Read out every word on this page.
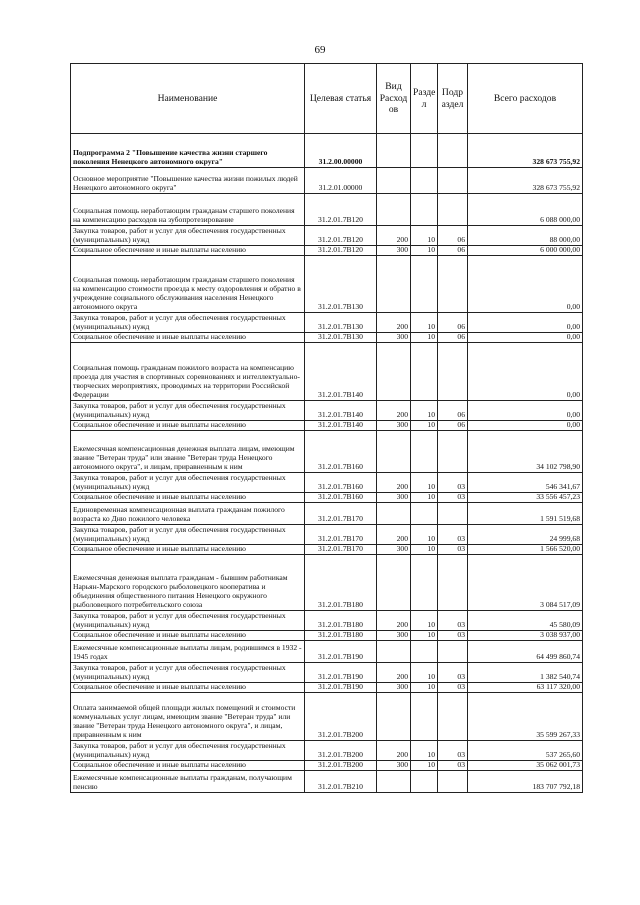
69
Наименование	Целевая статья	Вид Расход ов	Разде л	Подр аздел	Всего расходов
Подпрограмма 2 "Повышение качества жизни старшего поколения Ненецкого автономного округа"	31.2.00.00000				328 673 755,92
Основное мероприятие "Повышение качества жизни пожилых людей Ненецкого автономного округа"	31.2.01.00000				328 673 755,92
Социальная помощь неработающим гражданам старшего поколения на компенсацию расходов на зубопротезирование	31.2.01.7В120				6 088 000,00
Закупка товаров, работ и услуг для обеспечения государственных (муниципальных) нужд	31.2.01.7В120	200	10	06	88 000,00
Социальное обеспечение и иные выплаты населению	31.2.01.7В120	300	10	06	6 000 000,00
Социальная помощь неработающим гражданам старшего поколения на компенсацию стоимости проезда к месту оздоровления и обратно в учреждение социального обслуживания населения Ненецкого автономного округа	31.2.01.7В130				0,00
Закупка товаров, работ и услуг для обеспечения государственных (муниципальных) нужд	31.2.01.7В130	200	10	06	0,00
Социальное обеспечение и иные выплаты населению	31.2.01.7В130	300	10	06	0,00
Социальная помощь гражданам пожилого возраста на компенсацию проезда для участия в спортивных соревнованиях и интеллектуально-творческих мероприятиях, проводимых на территории Российской Федерации	31.2.01.7В140				0,00
Закупка товаров, работ и услуг для обеспечения государственных (муниципальных) нужд	31.2.01.7В140	200	10	06	0,00
Социальное обеспечение и иные выплаты населению	31.2.01.7В140	300	10	06	0,00
Ежемесячная компенсационная денежная выплата лицам, имеющим звание "Ветеран труда" или звание "Ветеран труда Ненецкого автономного округа", и лицам, приравненным к ним	31.2.01.7В160				34 102 798,90
Закупка товаров, работ и услуг для обеспечения государственных (муниципальных) нужд	31.2.01.7В160	200	10	03	546 341,67
Социальное обеспечение и иные выплаты населению	31.2.01.7В160	300	10	03	33 556 457,23
Единовременная компенсационная выплата гражданам пожилого возраста ко Дню пожилого человека	31.2.01.7В170				1 591 519,68
Закупка товаров, работ и услуг для обеспечения государственных (муниципальных) нужд	31.2.01.7В170	200	10	03	24 999,68
Социальное обеспечение и иные выплаты населению	31.2.01.7В170	300	10	03	1 566 520,00
Ежемесячная денежная выплата гражданам - бывшим работникам Нарьян-Марского городского рыболовецкого кооператива и объединения общественного питания Ненецкого окружного рыболовецкого потребительского союза	31.2.01.7В180				3 084 517,09
Закупка товаров, работ и услуг для обеспечения государственных (муниципальных) нужд	31.2.01.7В180	200	10	03	45 580,09
Социальное обеспечение и иные выплаты населению	31.2.01.7В180	300	10	03	3 038 937,00
Ежемесячные компенсационные выплаты лицам, родившимся в 1932 - 1945 годах	31.2.01.7В190				64 499 860,74
Закупка товаров, работ и услуг для обеспечения государственных (муниципальных) нужд	31.2.01.7В190	200	10	03	1 382 540,74
Социальное обеспечение и иные выплаты населению	31.2.01.7В190	300	10	03	63 117 320,00
Оплата занимаемой общей площади жилых помещений и стоимости коммунальных услуг лицам, имеющим звание "Ветеран труда" или звание "Ветеран труда Ненецкого автономного округа", и лицам, приравненным к ним	31.2.01.7В200				35 599 267,33
Закупка товаров, работ и услуг для обеспечения государственных (муниципальных) нужд	31.2.01.7В200	200	10	03	537 265,60
Социальное обеспечение и иные выплаты населению	31.2.01.7В200	300	10	03	35 062 001,73
Ежемесячные компенсационные выплаты гражданам, получающим пенсию	31.2.01.7В210				183 707 792,18
